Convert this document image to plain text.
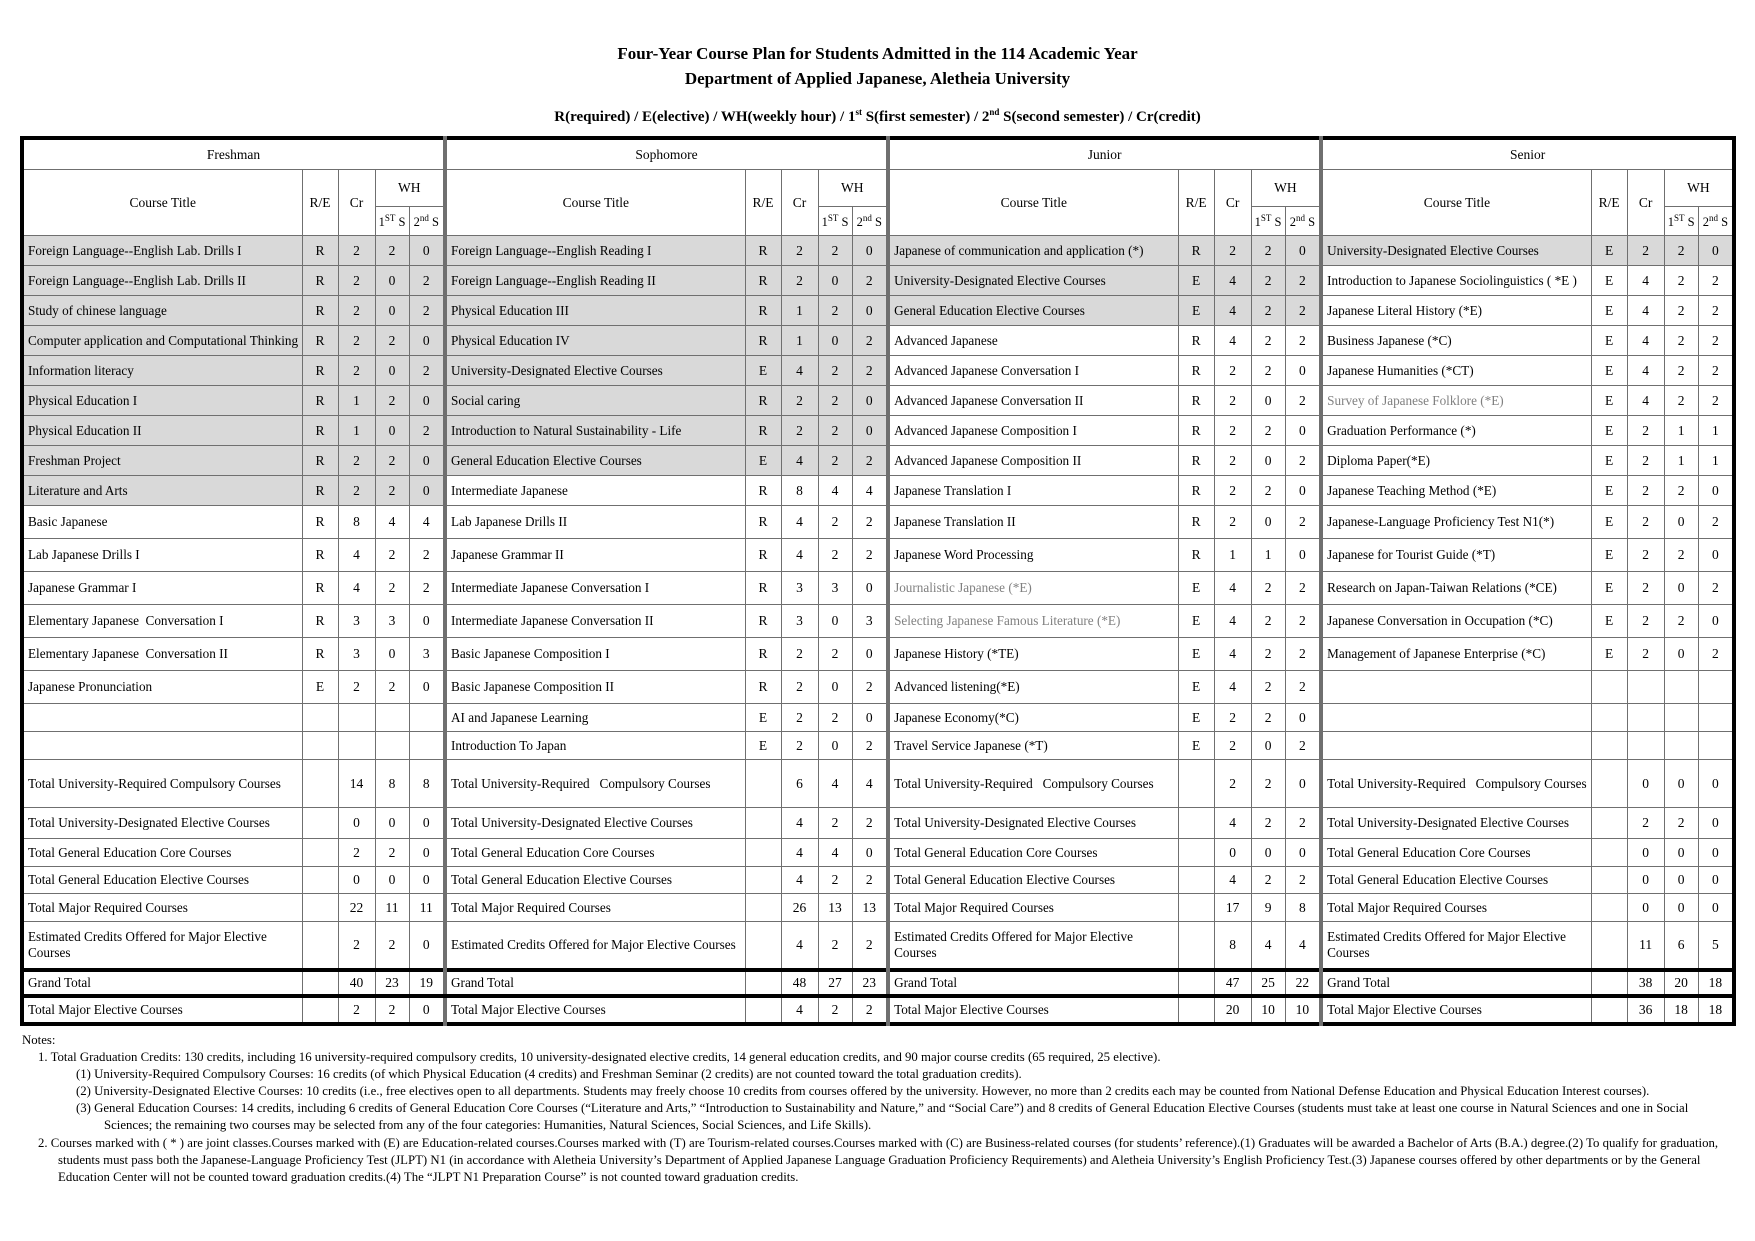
Four-Year Course Plan for Students Admitted in the 114 Academic Year
Department of Applied Japanese, Aletheia University
R(required) / E(elective) / WH(weekly hour) / 1st S(first semester) / 2nd S(second semester) / Cr(credit)
Freshman					Sophomore					Junior					Senior				
Course Title	R/E	Cr	WH		Course Title	R/E	Cr	WH		Course Title	R/E	Cr	WH		Course Title	R/E	Cr	WH	
			1ST S	2nd S				1ST S	2nd S				1ST S	2nd S				1ST S	2nd S
Foreign Language--English Lab. Drills I	R	2	2	0	Foreign Language--English Reading I	R	2	2	0	Japanese of communication and application (*)	R	2	2	0	University-Designated Elective Courses	E	2	2	0
Foreign Language--English Lab. Drills II	R	2	0	2	Foreign Language--English Reading II	R	2	0	2	University-Designated Elective Courses	E	4	2	2	Introduction to Japanese Sociolinguistics ( *E )	E	4	2	2
Study of chinese language	R	2	0	2	Physical Education III	R	1	2	0	General Education Elective Courses	E	4	2	2	Japanese Literal History (*E)	E	4	2	2
Computer application and Computational Thinking	R	2	2	0	Physical Education IV	R	1	0	2	Advanced Japanese	R	4	2	2	Business Japanese (*C)	E	4	2	2
Information literacy	R	2	0	2	University-Designated Elective Courses	E	4	2	2	Advanced Japanese Conversation I	R	2	2	0	Japanese Humanities (*CT)	E	4	2	2
Physical Education I	R	1	2	0	Social caring	R	2	2	0	Advanced Japanese Conversation II	R	2	0	2	Survey of Japanese Folklore (*E)	E	4	2	2
Physical Education II	R	1	0	2	Introduction to Natural Sustainability - Life	R	2	2	0	Advanced Japanese Composition I	R	2	2	0	Graduation Performance (*)	E	2	1	1
Freshman Project	R	2	2	0	General Education Elective Courses	E	4	2	2	Advanced Japanese Composition II	R	2	0	2	Diploma Paper(*E)	E	2	1	1
Literature and Arts	R	2	2	0	Intermediate Japanese	R	8	4	4	Japanese Translation I	R	2	2	0	Japanese Teaching Method (*E)	E	2	2	0
Basic Japanese	R	8	4	4	Lab Japanese Drills II	R	4	2	2	Japanese Translation II	R	2	0	2	Japanese-Language Proficiency Test N1(*)	E	2	0	2
Lab Japanese Drills I	R	4	2	2	Japanese Grammar II	R	4	2	2	Japanese Word Processing	R	1	1	0	Japanese for Tourist Guide (*T)	E	2	2	0
Japanese Grammar I	R	4	2	2	Intermediate Japanese Conversation I	R	3	3	0	Journalistic Japanese (*E)	E	4	2	2	Research on Japan-Taiwan Relations (*CE)	E	2	0	2
Elementary Japanese  Conversation I	R	3	3	0	Intermediate Japanese Conversation II	R	3	0	3	Selecting Japanese Famous Literature (*E)	E	4	2	2	Japanese Conversation in Occupation (*C)	E	2	2	0
Elementary Japanese  Conversation II	R	3	0	3	Basic Japanese Composition I	R	2	2	0	Japanese History (*TE)	E	4	2	2	Management of Japanese Enterprise (*C)	E	2	0	2
Japanese Pronunciation	E	2	2	0	Basic Japanese Composition II	R	2	0	2	Advanced listening(*E)	E	4	2	2					
					AI and Japanese Learning	E	2	2	0	Japanese Economy(*C)	E	2	2	0					
					Introduction To Japan	E	2	0	2	Travel Service Japanese (*T)	E	2	0	2					
Total University-Required Compulsory Courses		14	8	8	Total University-Required   Compulsory Courses		6	4	4	Total University-Required   Compulsory Courses		2	2	0	Total University-Required   Compulsory Courses		0	0	0
Total University-Designated Elective Courses		0	0	0	Total University-Designated Elective Courses		4	2	2	Total University-Designated Elective Courses		4	2	2	Total University-Designated Elective Courses		2	2	0
Total General Education Core Courses		2	2	0	Total General Education Core Courses		4	4	0	Total General Education Core Courses		0	0	0	Total General Education Core Courses		0	0	0
Total General Education Elective Courses		0	0	0	Total General Education Elective Courses		4	2	2	Total General Education Elective Courses		4	2	2	Total General Education Elective Courses		0	0	0
Total Major Required Courses		22	11	11	Total Major Required Courses		26	13	13	Total Major Required Courses		17	9	8	Total Major Required Courses		0	0	0
Estimated Credits Offered for Major Elective Courses		2	2	0	Estimated Credits Offered for Major Elective Courses		4	2	2	Estimated Credits Offered for Major Elective Courses		8	4	4	Estimated Credits Offered for Major Elective Courses		11	6	5
Grand Total		40	23	19	Grand Total		48	27	23	Grand Total		47	25	22	Grand Total		38	20	18
Total Major Elective Courses		2	2	0	Total Major Elective Courses		4	2	2	Total Major Elective Courses		20	10	10	Total Major Elective Courses		36	18	18
Notes:
1. Total Graduation Credits: 130 credits, including 16 university-required compulsory credits, 10 university-designated elective credits, 14 general education credits, and 90 major course credits (65 required, 25 elective).
(1) University-Required Compulsory Courses: 16 credits (of which Physical Education (4 credits) and Freshman Seminar (2 credits) are not counted toward the total graduation credits).
(2) University-Designated Elective Courses: 10 credits (i.e., free electives open to all departments. Students may freely choose 10 credits from courses offered by the university. However, no more than 2 credits each may be counted from National Defense Education and Physical Education Interest courses).
(3) General Education Courses: 14 credits, including 6 credits of General Education Core Courses (“Literature and Arts,” “Introduction to Sustainability and Nature,” and “Social Care”) and 8 credits of General Education Elective Courses (students must take at least one course in Natural Sciences and one in Social Sciences; the remaining two courses may be selected from any of the four categories: Humanities, Natural Sciences, Social Sciences, and Life Skills).
2. Courses marked with ( * ) are joint classes.Courses marked with (E) are Education-related courses.Courses marked with (T) are Tourism-related courses.Courses marked with (C) are Business-related courses (for students’ reference).(1) Graduates will be awarded a Bachelor of Arts (B.A.) degree.(2) To qualify for graduation, students must pass both the Japanese-Language Proficiency Test (JLPT) N1 (in accordance with Aletheia University’s Department of Applied Japanese Language Graduation Proficiency Requirements) and Aletheia University’s English Proficiency Test.(3) Japanese courses offered by other departments or by the General Education Center will not be counted toward graduation credits.(4) The “JLPT N1 Preparation Course” is not counted toward graduation credits.
